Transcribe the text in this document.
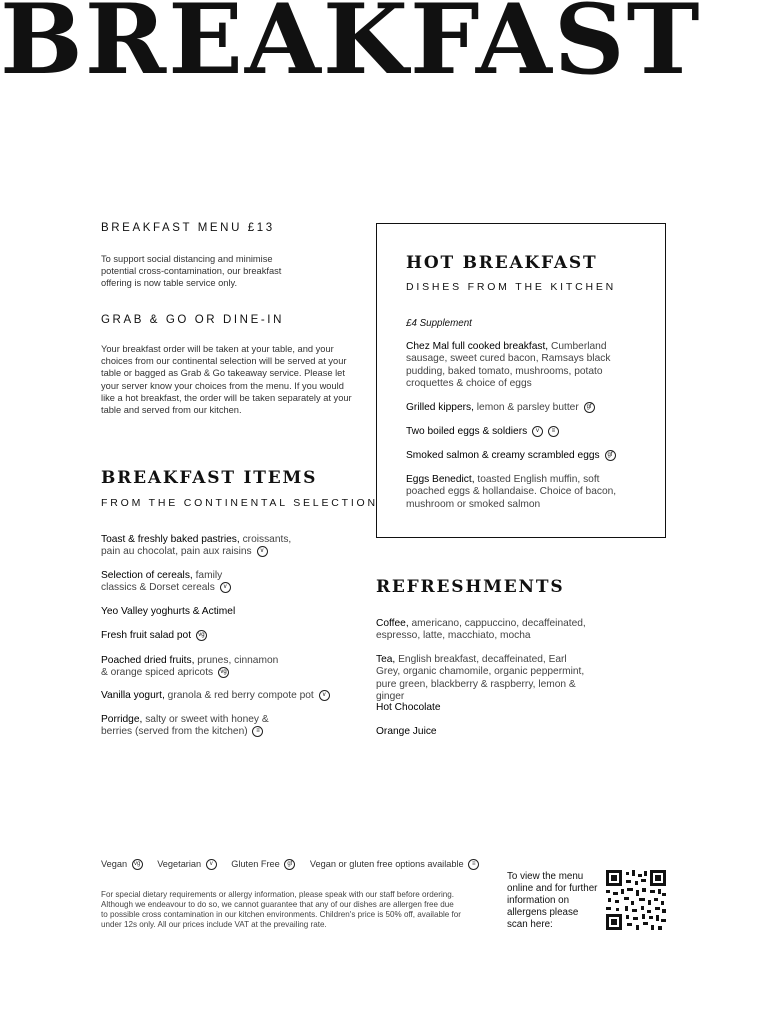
BREAKFAST
BREAKFAST MENU £13
To support social distancing and minimise potential cross-contamination, our breakfast offering is now table service only.
GRAB & GO OR DINE-IN
Your breakfast order will be taken at your table, and your choices from our continental selection will be served at your table or bagged as Grab & Go takeaway service. Please let your server know your choices from the menu. If you would like a hot breakfast, the order will be taken separately at your table and served from our kitchen.
BREAKFAST ITEMS
FROM THE CONTINENTAL SELECTION
Toast & freshly baked pastries, croissants, pain au chocolat, pain aux raisins v
Selection of cereals, family classics & Dorset cereals v
Yeo Valley yoghurts & Actimel
Fresh fruit salad pot vg
Poached dried fruits, prunes, cinnamon & orange spiced apricots vg
Vanilla yogurt, granola & red berry compote pot v
Porridge, salty or sweet with honey & berries (served from the kitchen) ≡
HOT BREAKFAST
DISHES FROM THE KITCHEN
£4 Supplement
Chez Mal full cooked breakfast, Cumberland sausage, sweet cured bacon, Ramsays black pudding, baked tomato, mushrooms, potato croquettes & choice of eggs
Grilled kippers, lemon & parsley butter gf
Two boiled eggs & soldiers v ≡
Smoked salmon & creamy scrambled eggs gf
Eggs Benedict, toasted English muffin, soft poached eggs & hollandaise. Choice of bacon, mushroom or smoked salmon
REFRESHMENTS
Coffee, americano, cappuccino, decaffeinated, espresso, latte, macchiato, mocha
Tea, English breakfast, decaffeinated, Earl Grey, organic chamomile, organic peppermint, pure green, blackberry & raspberry, lemon & ginger
Hot Chocolate
Orange Juice
Vegan vg Vegetarian v Gluten Free gf Vegan or gluten free options available ≡
For special dietary requirements or allergy information, please speak with our staff before ordering. Although we endeavour to do so, we cannot guarantee that any of our dishes are allergen free due to possible cross contamination in our kitchen environments. Children's price is 50% off, available for under 12s only. All our prices include VAT at the prevailing rate.
To view the menu online and for further information on allergens please scan here:
